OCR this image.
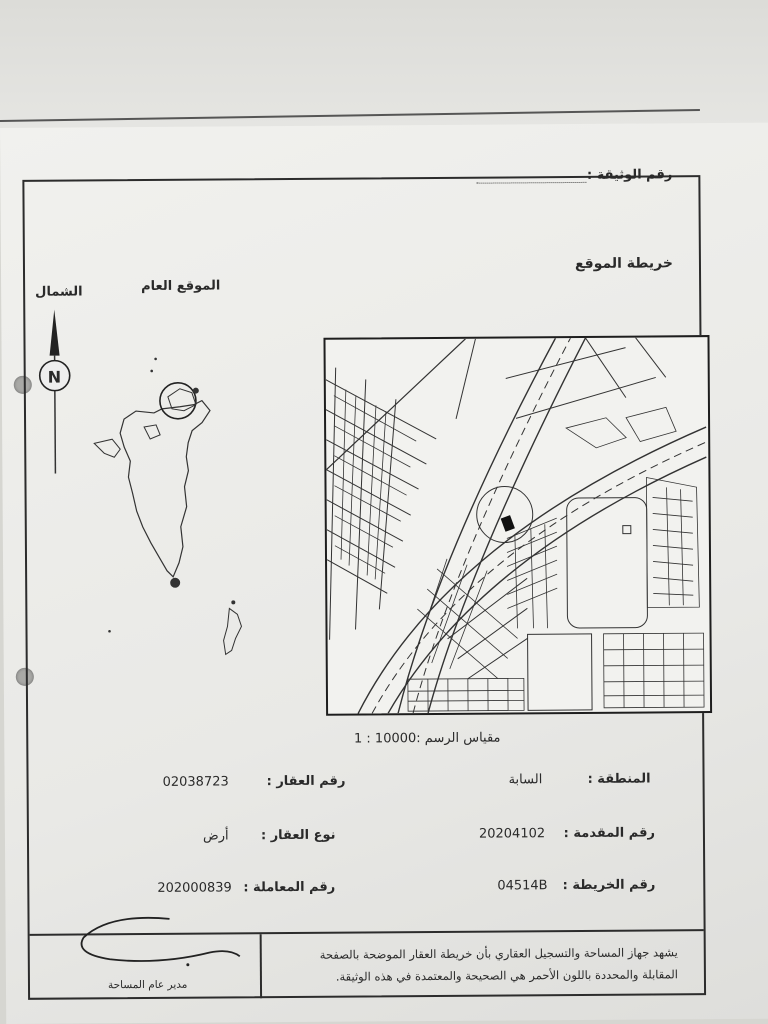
رقم الوثيقة :
خريطة الموقع
الموقع العام
الشمال
N
مقياس الرسم :
1 : 10000
رقم العقار :
02038723	المنطقة :
السابة
نوع العقار :
أرض	رقم المقدمة :
20204102
رقم المعاملة :
202000839	رقم الخريطة :
04514B
يشهد جهاز المساحة والتسجيل العقاري بأن خريطة العقار الموضحة بالصفحة
المقابلة والمحددة باللون الأحمر هي الصحيحة والمعتمدة في هذه الوثيقة.
مدير عام المساحة
